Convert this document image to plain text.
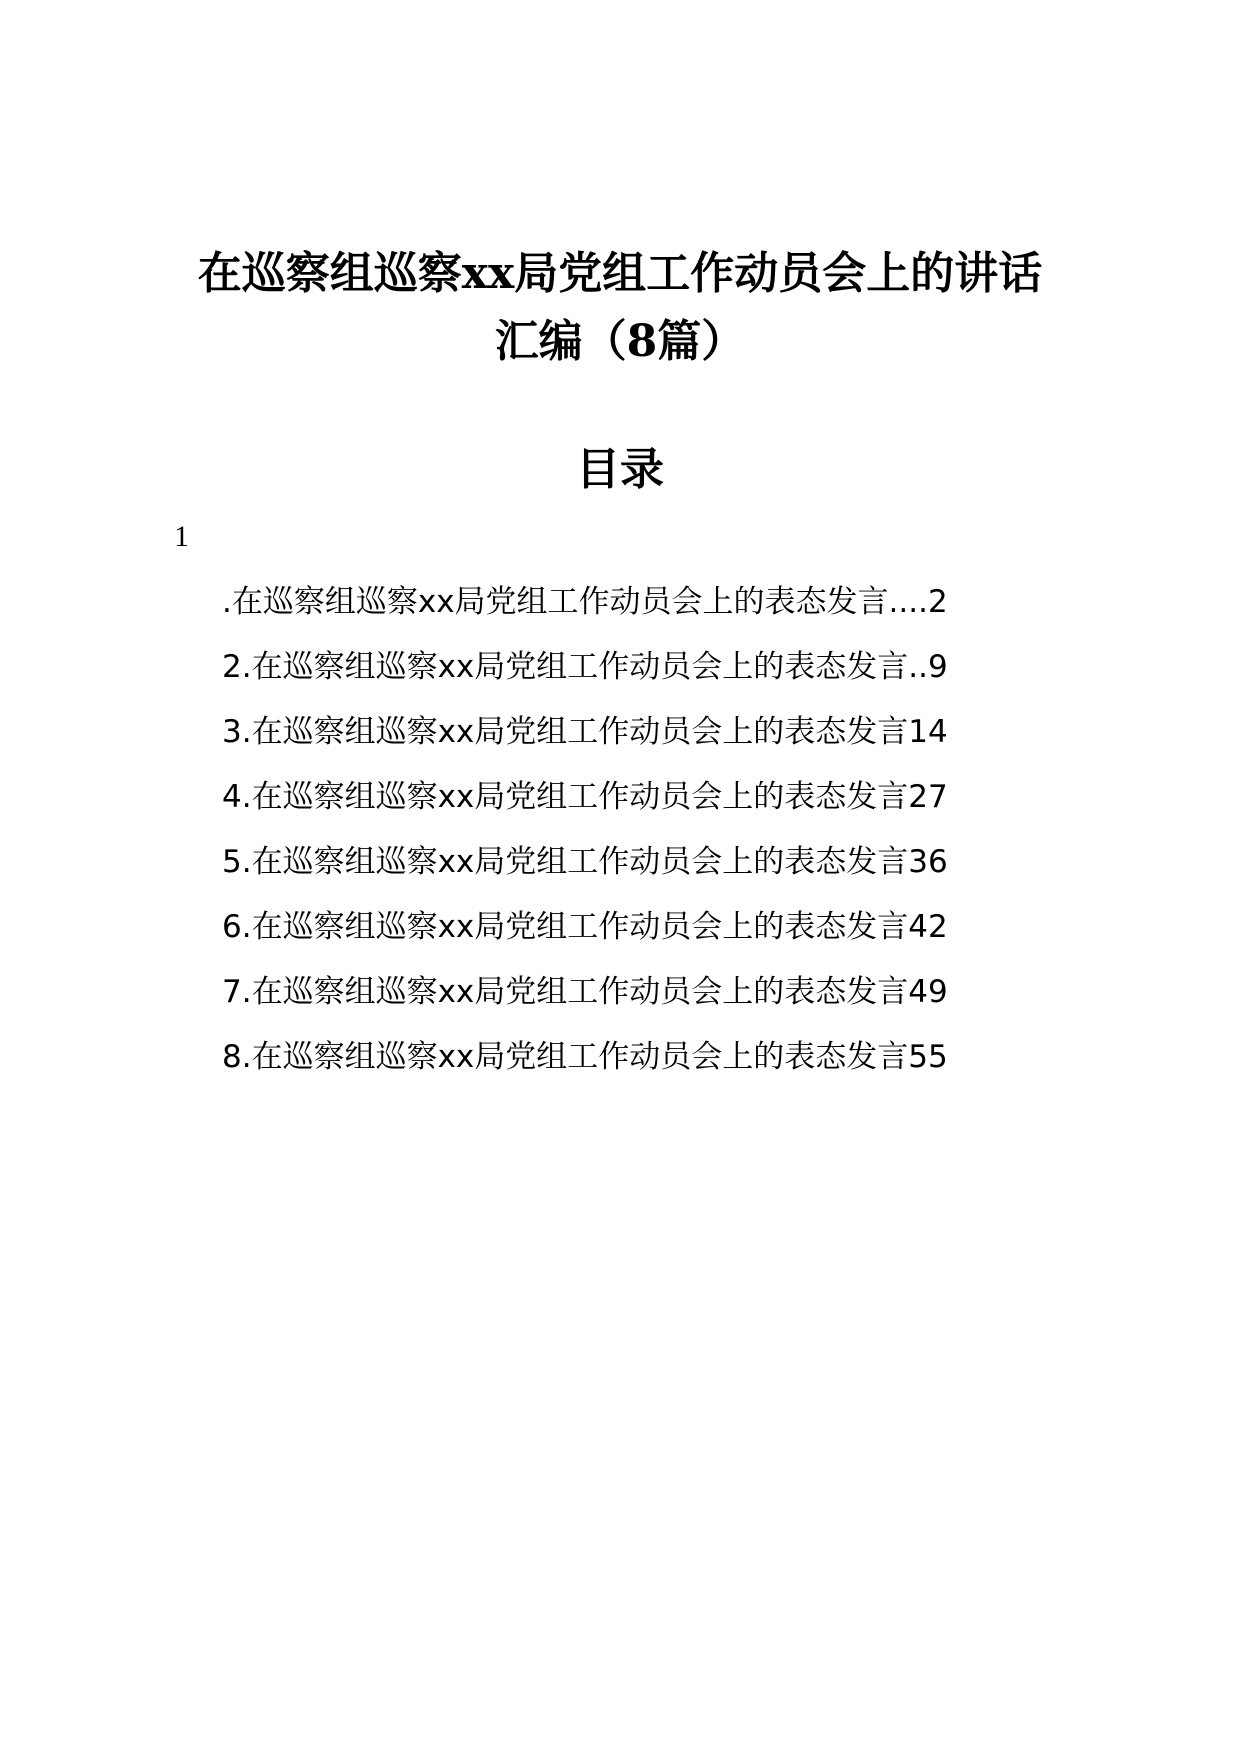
在巡察组巡察xx局党组工作动员会上的讲话
汇编（8篇）
目录
1
.在巡察组巡察xx局党组工作动员会上的表态发言 .... 2
2.在巡察组巡察xx局党组工作动员会上的表态发言 .. 9
3.在巡察组巡察xx局党组工作动员会上的表态发言 14
4.在巡察组巡察xx局党组工作动员会上的表态发言 27
5.在巡察组巡察xx局党组工作动员会上的表态发言 36
6.在巡察组巡察xx局党组工作动员会上的表态发言 42
7.在巡察组巡察xx局党组工作动员会上的表态发言 49
8.在巡察组巡察xx局党组工作动员会上的表态发言 55
